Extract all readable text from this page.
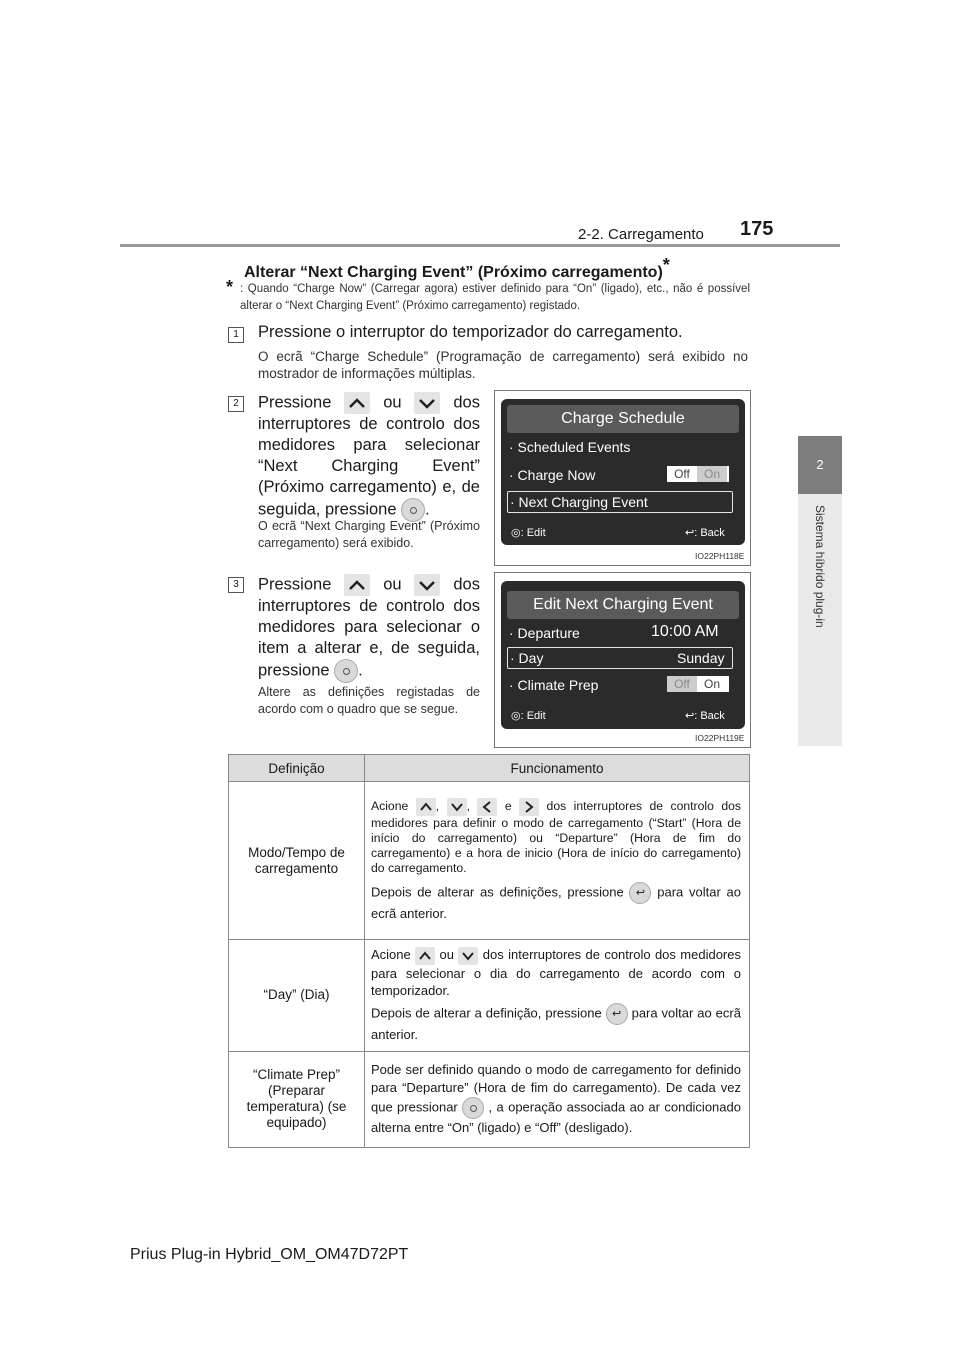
2-2. Carregamento 175
2
Sistema híbrido plug-in
Alterar “Next Charging Event” (Próximo carregamento)*
* : Quando “Charge Now” (Carregar agora) estiver definido para “On” (ligado), etc., não é possível alterar o “Next Charging Event” (Próximo carregamento) registado.
1	Pressione o interruptor do temporizador do carregamento.
O ecrã “Charge Schedule” (Programação de carregamento) será exibido no mostrador de informações múltiplas.
2	Pressione	ou	dos interruptores de controlo dos medidores para selecionar “Next Charging Event” (Próximo carregamento) e, de seguida, pressione .
O ecrã “Next Charging Event” (Próximo carregamento) será exibido.
Charge Schedule
· Scheduled Events
· Charge Now	Off On
· Next Charging Event
◎: Edit	↩: Back
IO22PH118E
3	Pressione	ou	dos interruptores de controlo dos medidores para selecionar o item a alterar e, de seguida, pressione .
Altere as definições registadas de acordo com o quadro que se segue.
Edit Next Charging Event
· Departure	10:00 AM
· Day	Sunday
· Climate Prep	Off On
◎: Edit	↩: Back
IO22PH119E
Definição	Funcionamento
Modo/Tempo de carregamento	Acione , , e dos interruptores de controlo dos medidores para definir o modo de carregamento (“Start” (Hora de início do carregamento) ou “Departure” (Hora de fim do carregamento) e a hora de inicio (Hora de início do carregamento) do carregamento.
Depois de alterar as definições, pressione ↩ para voltar ao ecrã anterior.

“Day” (Dia)	Acione ou dos interruptores de controlo dos medidores para selecionar o dia do carregamento de acordo com o temporizador.
Depois de alterar a definição, pressione ↩ para voltar ao ecrã anterior.

“Climate Prep” (Preparar temperatura) (se equipado)	Pode ser definido quando o modo de carregamento for definido para “Departure” (Hora de fim do carregamento). De cada vez que pressionar , a operação associada ao ar condicionado alterna entre “On” (ligado) e “Off” (desligado).
Prius Plug-in Hybrid_OM_OM47D72PT
